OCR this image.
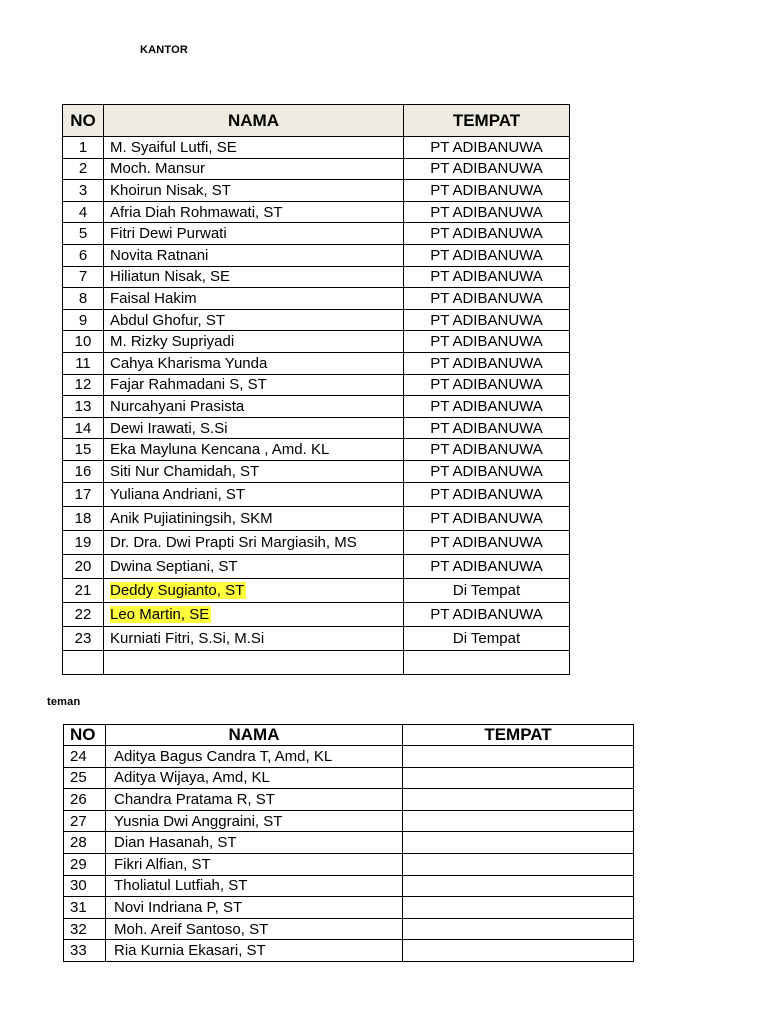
KANTOR
NO	NAMA	TEMPAT
1	M. Syaiful Lutfi, SE	PT ADIBANUWA
2	Moch. Mansur	PT ADIBANUWA
3	Khoirun Nisak, ST	PT ADIBANUWA
4	Afria Diah Rohmawati, ST	PT ADIBANUWA
5	Fitri Dewi Purwati	PT ADIBANUWA
6	Novita Ratnani	PT ADIBANUWA
7	Hiliatun Nisak, SE	PT ADIBANUWA
8	Faisal Hakim	PT ADIBANUWA
9	Abdul Ghofur, ST	PT ADIBANUWA
10	M. Rizky Supriyadi	PT ADIBANUWA
11	Cahya Kharisma Yunda	PT ADIBANUWA
12	Fajar Rahmadani S, ST	PT ADIBANUWA
13	Nurcahyani Prasista	PT ADIBANUWA
14	Dewi Irawati, S.Si	PT ADIBANUWA
15	Eka Mayluna Kencana , Amd. KL	PT ADIBANUWA
16	Siti Nur Chamidah, ST	PT ADIBANUWA
17	Yuliana Andriani, ST	PT ADIBANUWA
18	Anik Pujiatiningsih, SKM	PT ADIBANUWA
19	Dr. Dra. Dwi Prapti Sri Margiasih, MS	PT ADIBANUWA
20	Dwina Septiani, ST	PT ADIBANUWA
21	Deddy Sugianto, ST	Di Tempat
22	Leo Martin, SE	PT ADIBANUWA
23	Kurniati Fitri, S.Si, M.Si	Di Tempat

teman
NO	NAMA	TEMPAT
24	Aditya Bagus Candra T, Amd, KL	
25	Aditya Wijaya, Amd, KL	
26	Chandra Pratama R, ST	
27	Yusnia Dwi Anggraini, ST	
28	Dian Hasanah, ST	
29	Fikri Alfian, ST	
30	Tholiatul Lutfiah, ST	
31	Novi Indriana P, ST	
32	Moh. Areif Santoso, ST	
33	Ria Kurnia Ekasari, ST	
